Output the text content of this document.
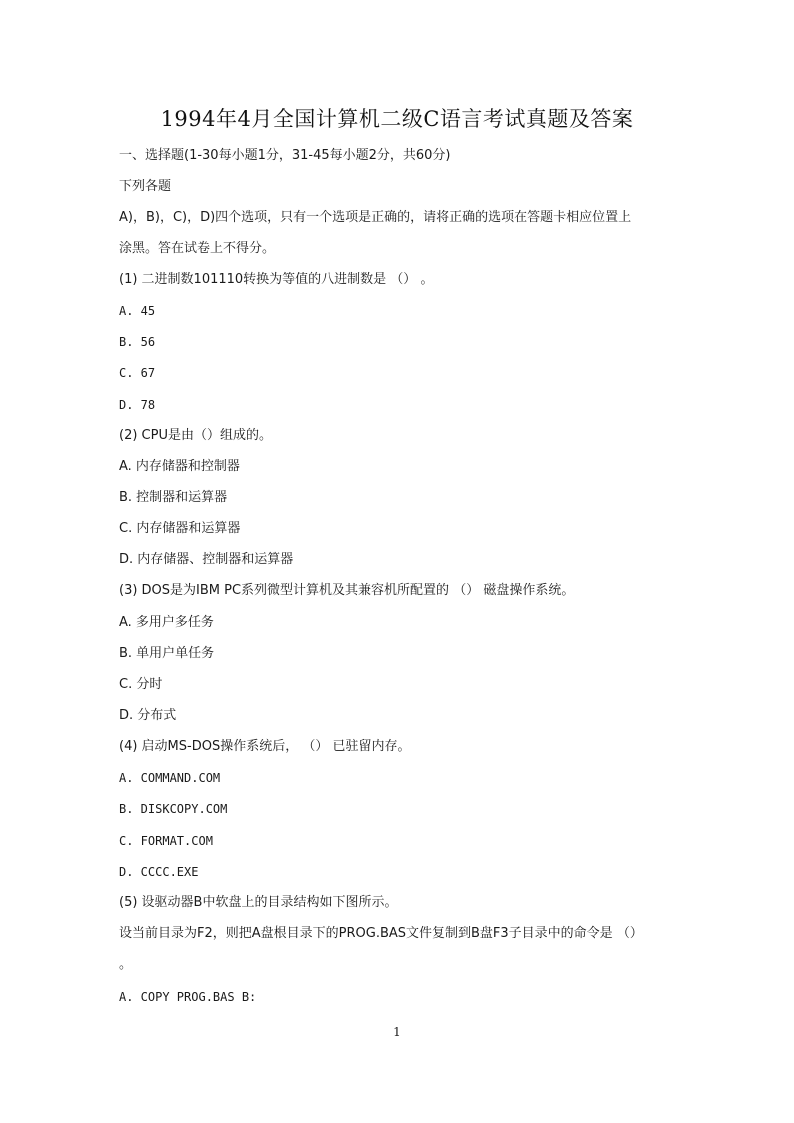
1994年4月全国计算机二级C语言考试真题及答案
一、选择题(1-30每小题1分，31-45每小题2分，共60分)
下列各题
A)，B)，C)，D)四个选项，只有一个选项是正确的，请将正确的选项在答题卡相应位置上
涂黑。答在试卷上不得分。
(1) 二进制数101110转换为等值的八进制数是 （） 。
A. 45
B. 56
C. 67
D. 78
(2) CPU是由（）组成的。
A. 内存储器和控制器
B. 控制器和运算器
C. 内存储器和运算器
D. 内存储器、控制器和运算器
(3) DOS是为IBM PC系列微型计算机及其兼容机所配置的 （） 磁盘操作系统。
A. 多用户多任务
B. 单用户单任务
C. 分时
D. 分布式
(4) 启动MS-DOS操作系统后， （） 已驻留内存。
A. COMMAND.COM
B. DISKCOPY.COM
C. FORMAT.COM
D. CCCC.EXE
(5) 设驱动器B中软盘上的目录结构如下图所示。
设当前目录为F2，则把A盘根目录下的PROG.BAS文件复制到B盘F3子目录中的命令是 （）
。
A. COPY PROG.BAS B:
1
